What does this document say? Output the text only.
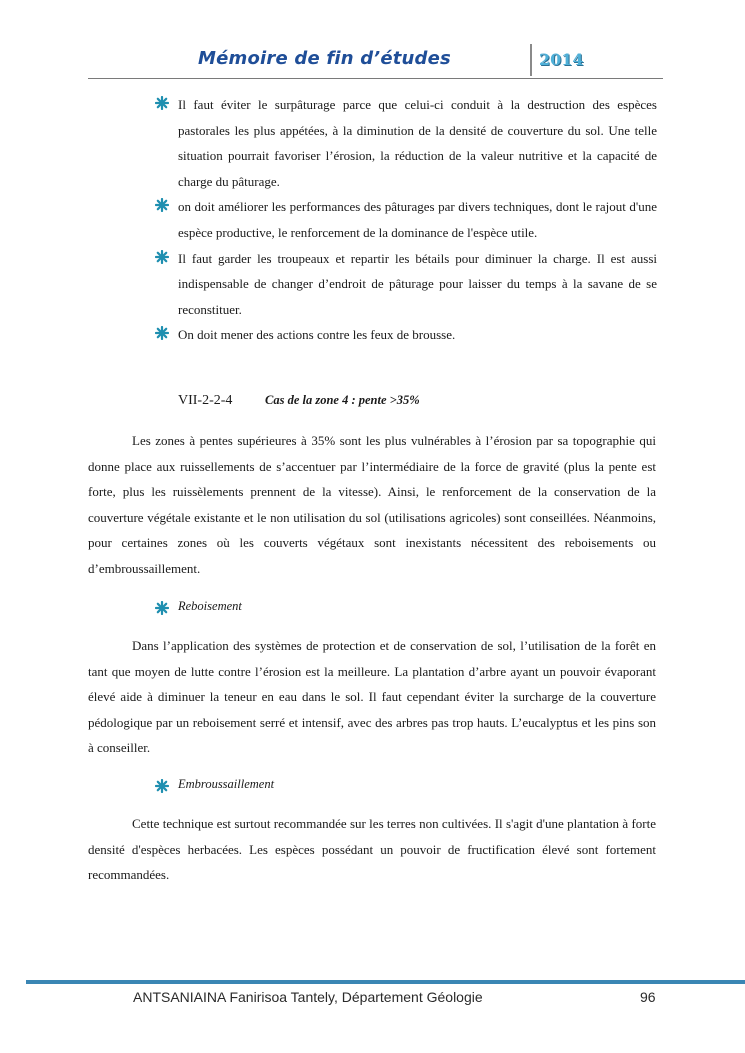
Mémoire de fin d’études	2014
Il faut éviter le surpâturage parce que celui-ci conduit à la destruction des espèces pastorales les plus appétées, à la diminution de la densité de couverture du sol. Une telle situation pourrait favoriser l’érosion, la réduction de la valeur nutritive et la capacité de charge du pâturage.
on doit améliorer les performances des pâturages par divers techniques, dont le rajout d'une espèce productive, le renforcement de la dominance de l'espèce utile.
Il faut garder les troupeaux et repartir les bétails pour diminuer la charge. Il est aussi indispensable de changer d’endroit de pâturage pour laisser du temps à la savane de se reconstituer.
On doit mener des actions contre les feux de brousse.
VII-2-2-4	Cas de la zone 4 : pente >35%

Les zones à pentes supérieures à 35% sont les plus vulnérables à l’érosion par sa topographie qui donne place aux ruissellements de s’accentuer par l’intermédiaire de la force de gravité (plus la pente est forte, plus les ruissèlements prennent de la vitesse). Ainsi, le renforcement de la conservation de la couverture végétale existante et le non utilisation du sol (utilisations agricoles) sont conseillées. Néanmoins, pour certaines zones où les couverts végétaux sont inexistants nécessitent des reboisements ou d’embroussaillement.

Reboisement

Dans l’application des systèmes de protection et de conservation de sol, l’utilisation de la forêt en tant que moyen de lutte contre l’érosion est la meilleure. La plantation d’arbre ayant un pouvoir évaporant élevé aide à diminuer la teneur en eau dans le sol. Il faut cependant éviter la surcharge de la couverture pédologique par un reboisement serré et intensif, avec des arbres pas trop hauts. L’eucalyptus et les pins son à conseiller.

Embroussaillement

Cette technique est surtout recommandée sur les terres non cultivées. Il s'agit d'une plantation à forte densité d'espèces herbacées. Les espèces possédant un pouvoir de fructification élevé sont fortement recommandées.

ANTSANIAINA Fanirisoa Tantely, Département Géologie	96
